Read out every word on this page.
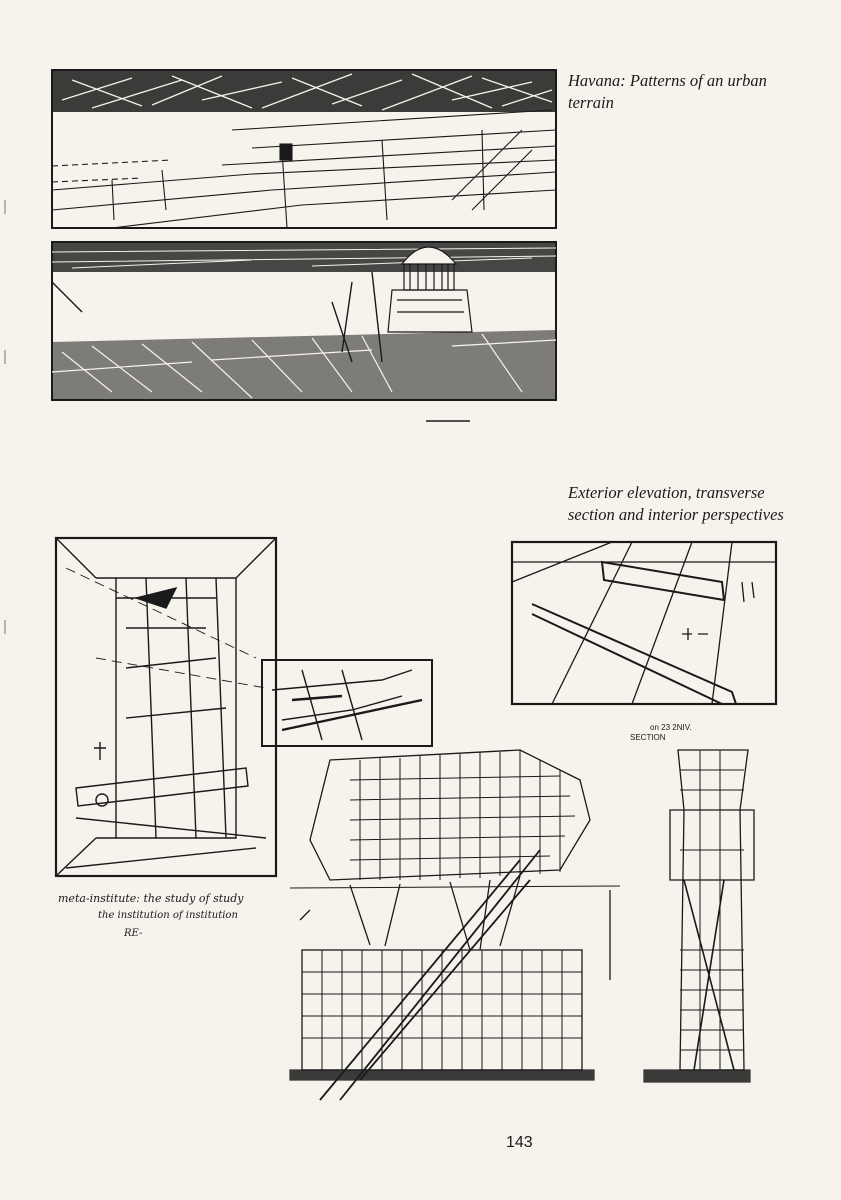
Havana: Patterns of an urban
terrain
Exterior elevation, transverse
section and interior perspectives
on 23 2NIV.
SECTION
meta-institute: the study of study
the institution of institution
RE-
143
